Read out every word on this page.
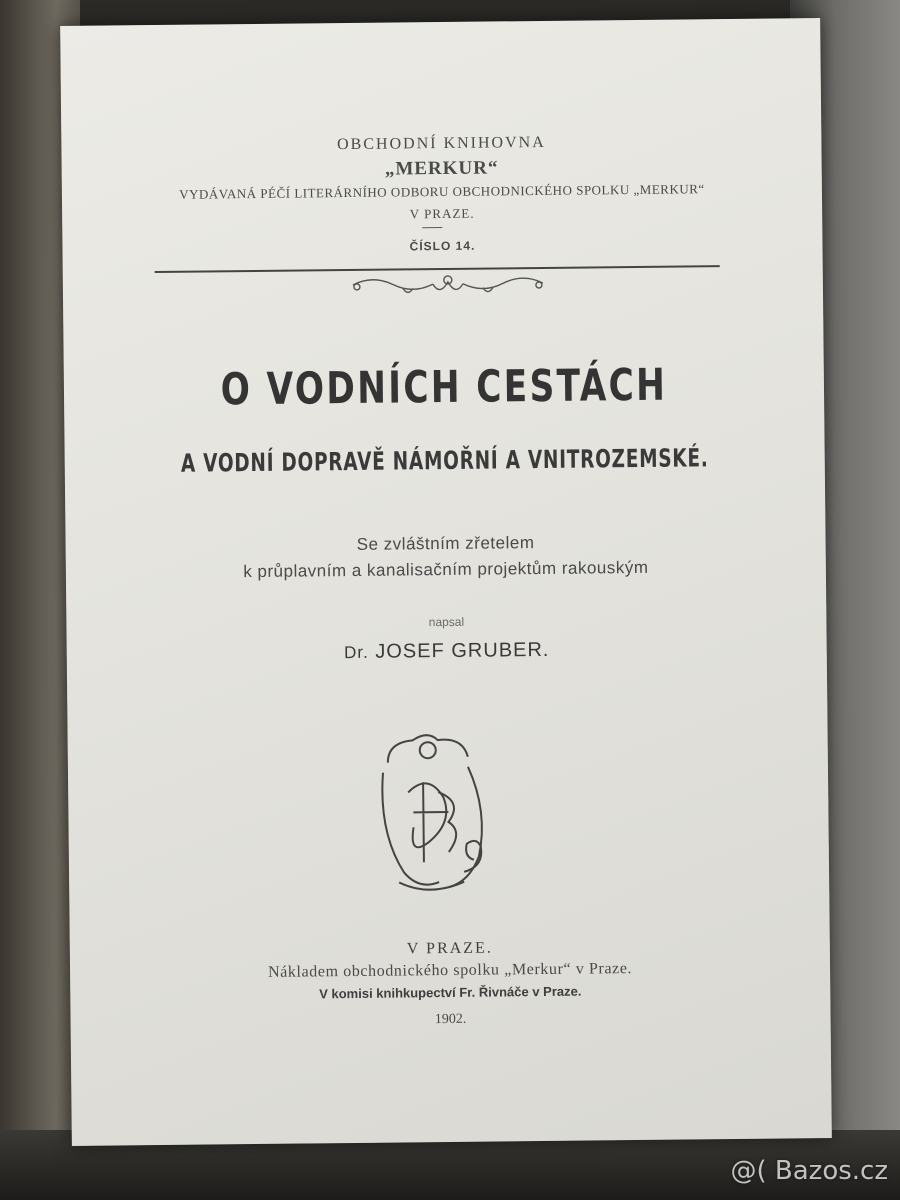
OBCHODNÍ KNIHOVNA
„MERKUR“
VYDÁVANÁ PÉČÍ LITERÁRNÍHO ODBORU OBCHODNICKÉHO SPOLKU „MERKUR“
V PRAZE.
ČÍSLO 14.
O VODNÍCH CESTÁCH
A VODNÍ DOPRAVĚ NÁMOŘNÍ A VNITROZEMSKÉ.
Se zvláštním zřetelem
k průplavním a kanalisačním projektům rakouským
napsal
Dr. JOSEF GRUBER.
V PRAZE.
Nákladem obchodnického spolku „Merkur“ v Praze.
V komisi knihkupectví Fr. Řivnáče v Praze.
1902.
@( Bazos.cz
